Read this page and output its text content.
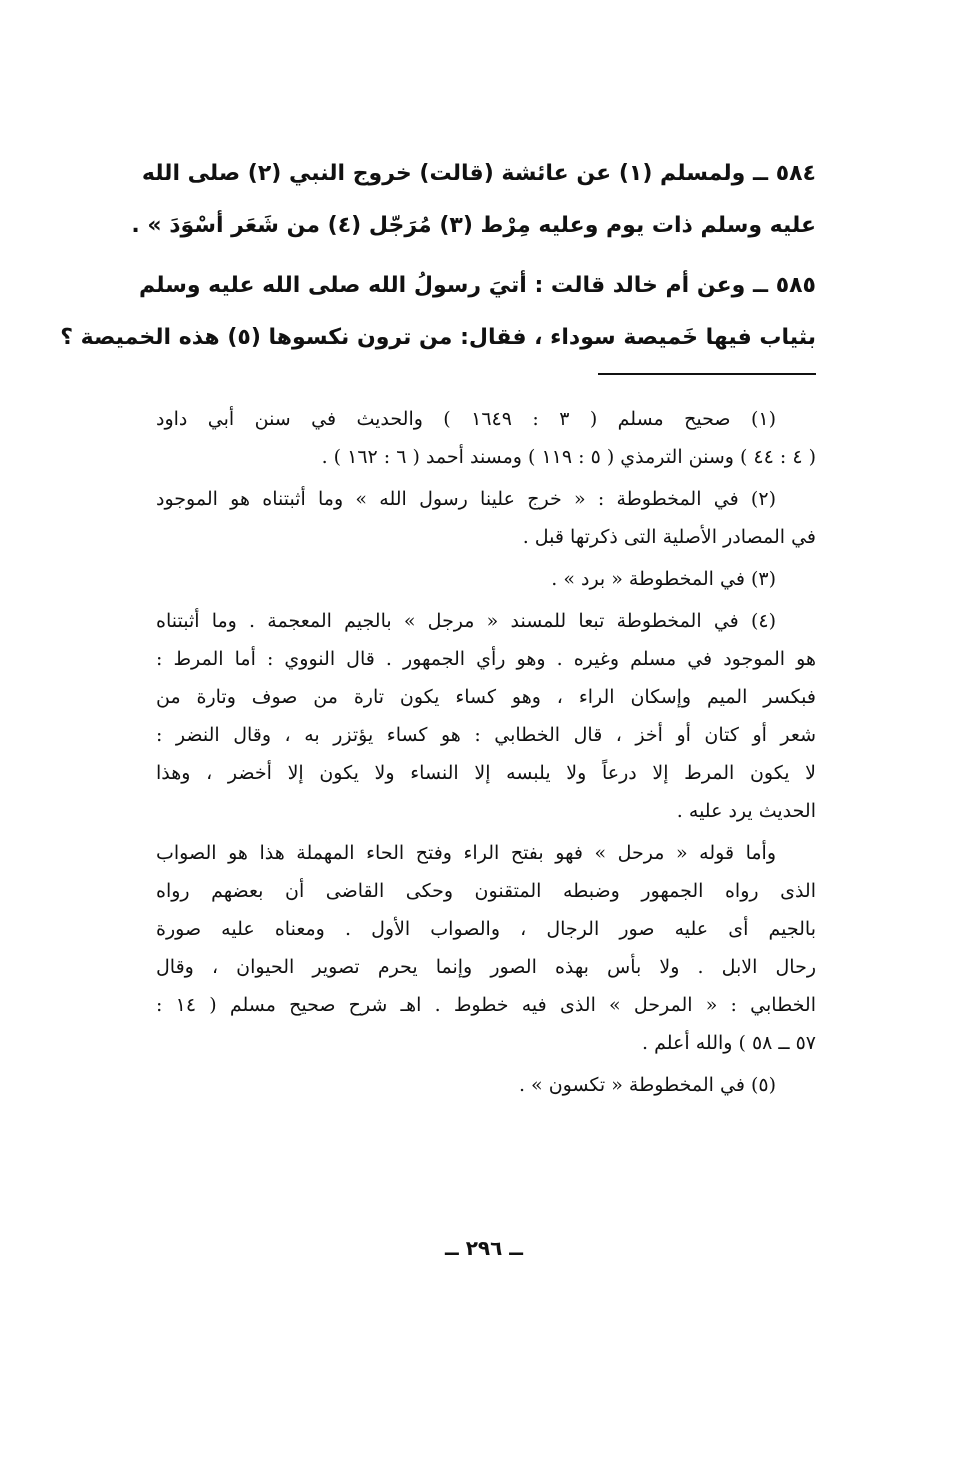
٥٨٤ ــ ولمسلم (١) عن عائشة (قالت) خروج النبي (٢) صلى الله
عليه وسلم ذات يوم وعليه مِرْط (٣) مُرَجّل (٤) من شَعَر أسْوَدَ » .
٥٨٥ ــ وعن أم خالد قالت : أتيَ رسولُ الله صلى الله عليه وسلم
بثياب فيها خَميصة سوداء ، فقال: من ترون نكسوها (٥) هذه الخميصة ؟
(١) صحيح مسلم ( ٣ : ١٦٤٩ ) والحديث في سنن أبي داود
( ٤ : ٤٤ ) وسنن الترمذي ( ٥ : ١١٩ ) ومسند أحمد ( ٦ : ١٦٢ ) .
(٢) في المخطوطة : « خرج علينا رسول الله » وما أثبتناه هو الموجود
في المصادر الأصلية التى ذكرتها قبل .
(٣) في المخطوطة « برد » .
(٤) في المخطوطة تبعا للمسند « مرجل » بالجيم المعجمة . وما أثبتناه
هو الموجود في مسلم وغيره . وهو رأي الجمهور . قال النووي : أما المرط :
فبكسر الميم وإسكان الراء ، وهو كساء يكون تارة من صوف وتارة من
شعر أو كتان أو أخز ، قال الخطابي : هو كساء يؤتزر به ، وقال النضر :
لا يكون المرط إلا درعاً ولا يلبسه إلا النساء ولا يكون إلا أخضر ، وهذا
الحديث يرد عليه .
وأما قوله « مرحل » فهو بفتح الراء وفتح الحاء المهملة هذا هو الصواب
الذى رواه الجمهور وضبطه المتقنون وحكى القاضى أن بعضهم رواه
بالجيم أى عليه صور الرجال ، والصواب الأول . ومعناه عليه صورة
رحال الابل . ولا بأس بهذه الصور وإنما يحرم تصوير الحيوان ، وقال
الخطابي : « المرحل » الذى فيه خطوط . اهـ شرح صحيح مسلم ( ١٤ :
٥٧ ــ ٥٨ ) والله أعلم .
(٥) في المخطوطة « تكسون » .
ــ ٢٩٦ ــ
